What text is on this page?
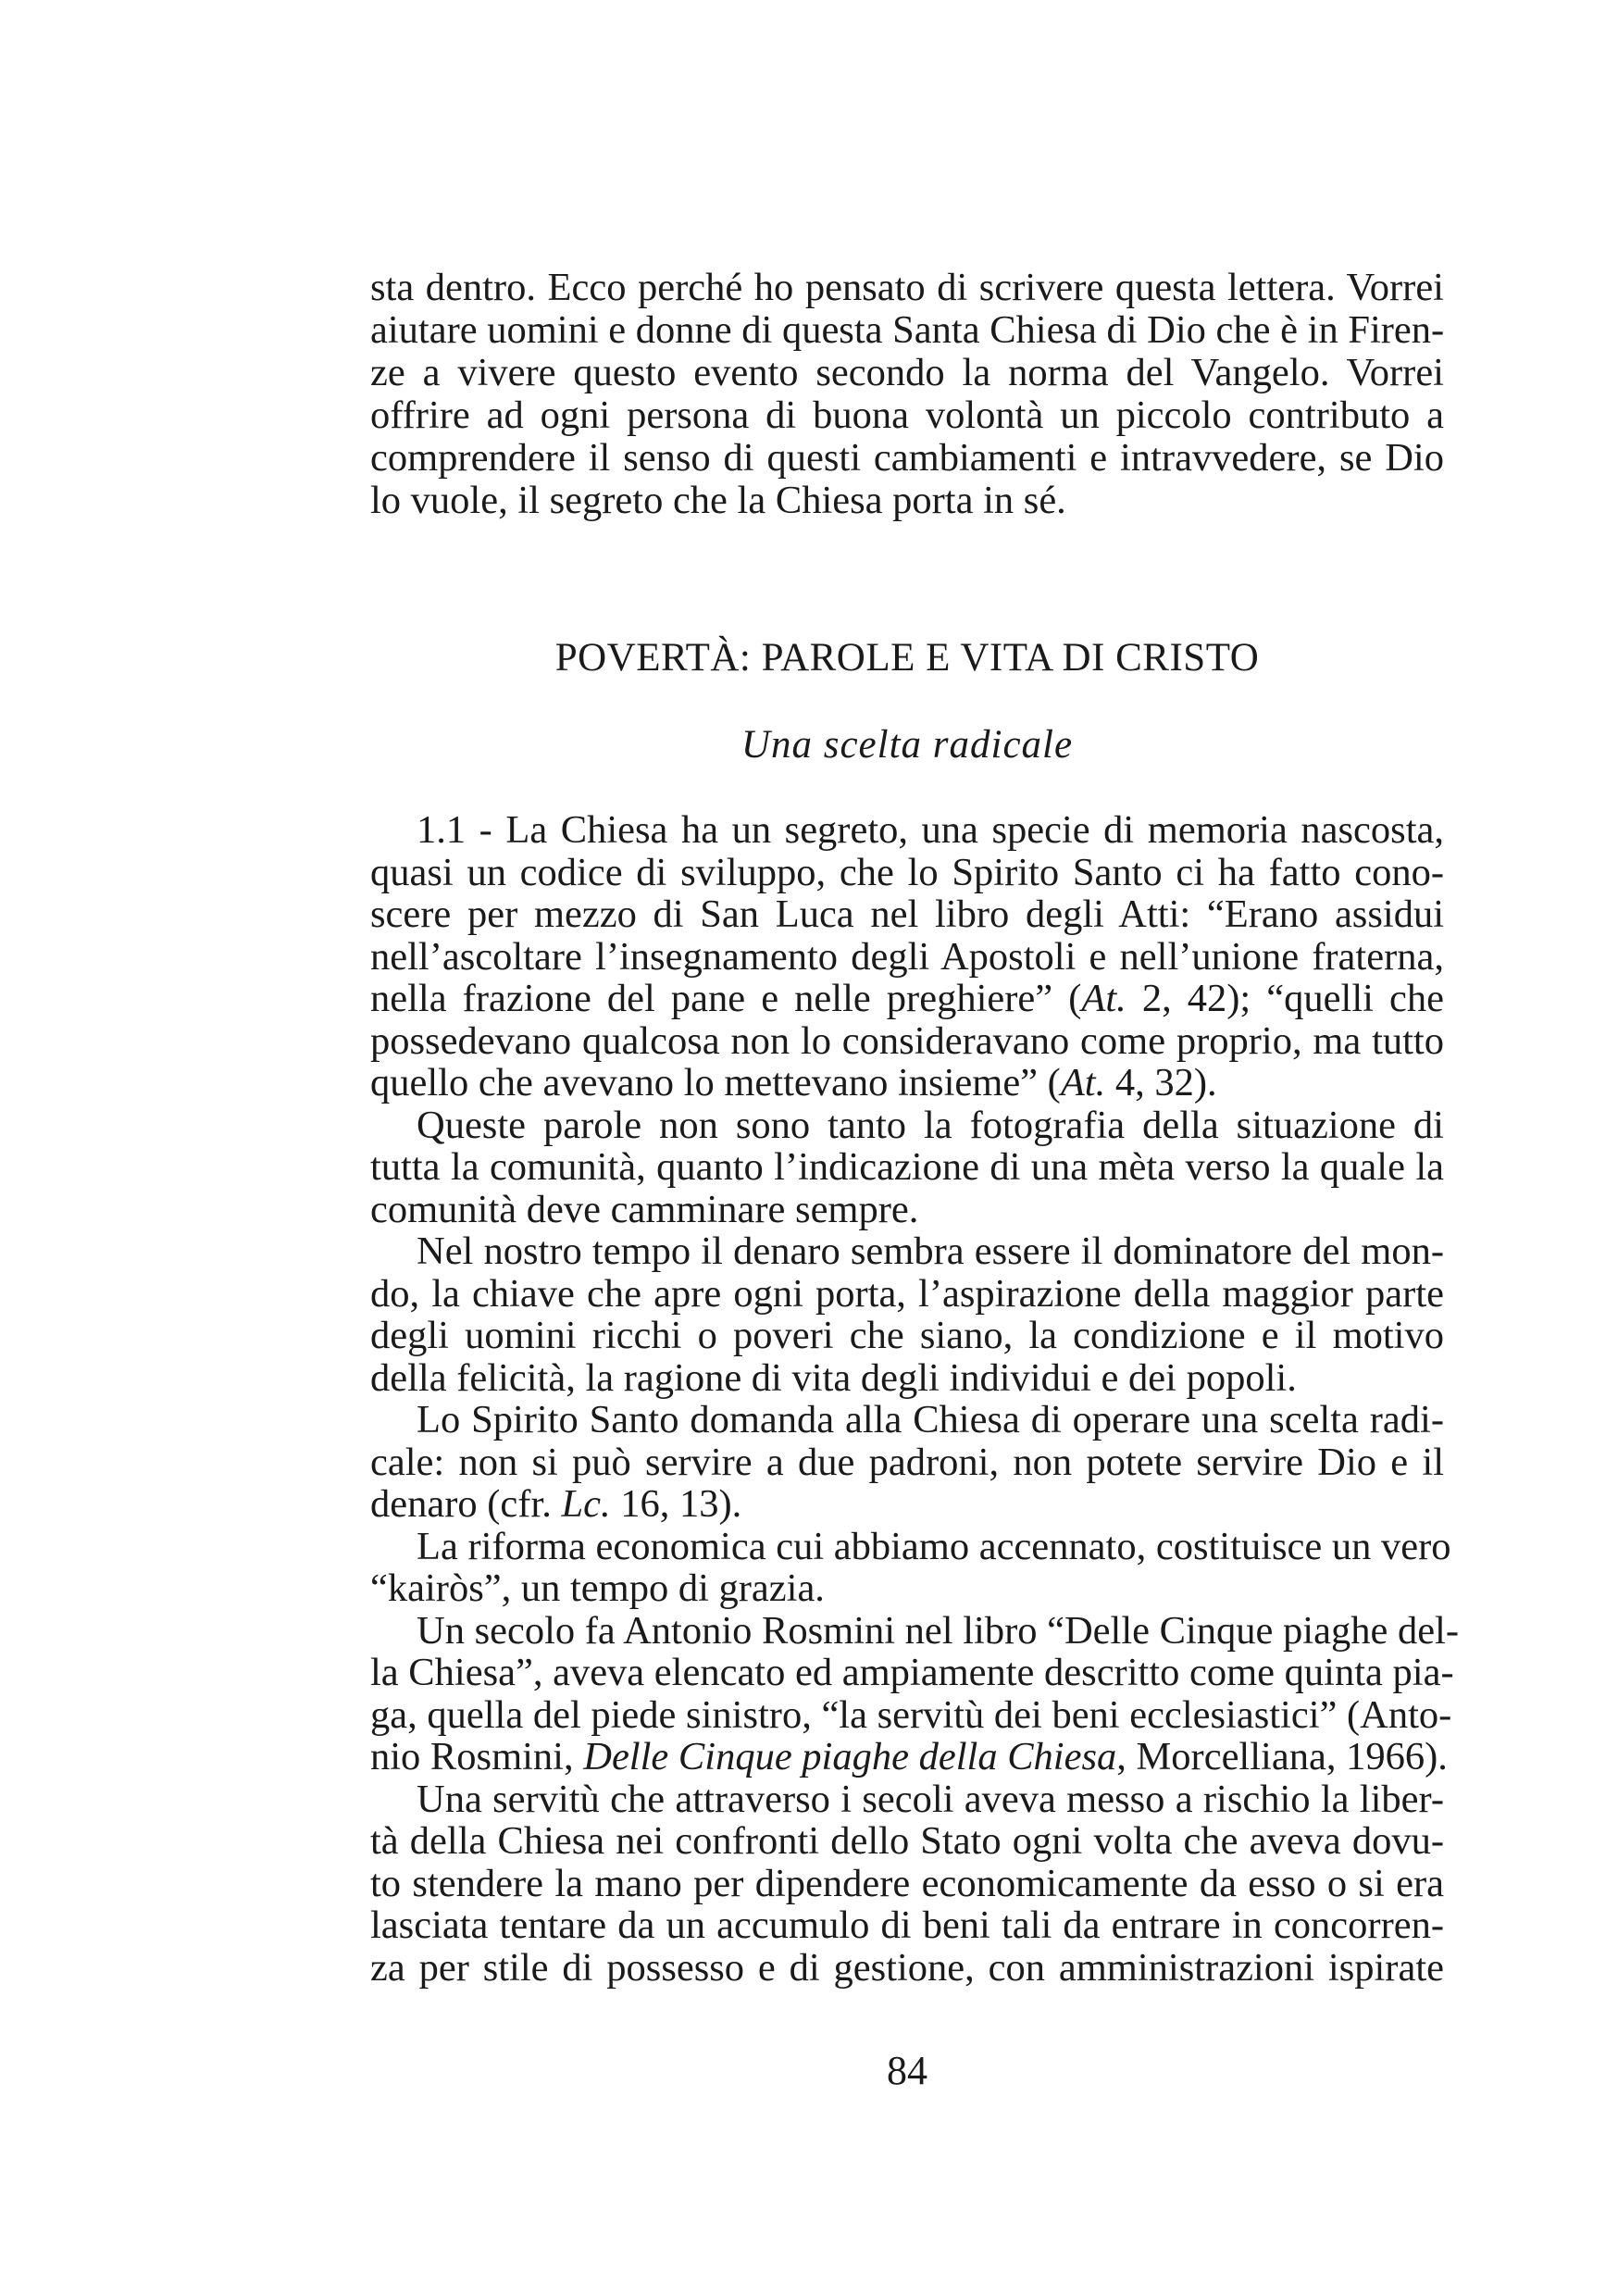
sta dentro. Ecco perché ho pensato di scrivere questa lettera. Vorrei
aiutare uomini e donne di questa Santa Chiesa di Dio che è in Firen-
ze a vivere questo evento secondo la norma del Vangelo. Vorrei
offrire ad ogni persona di buona volontà un piccolo contributo a
comprendere il senso di questi cambiamenti e intravvedere, se Dio
lo vuole, il segreto che la Chiesa porta in sé.
POVERTÀ: PAROLE E VITA DI CRISTO
Una scelta radicale
1.1 - La Chiesa ha un segreto, una specie di memoria nascosta,
quasi un codice di sviluppo, che lo Spirito Santo ci ha fatto cono-
scere per mezzo di San Luca nel libro degli Atti: “Erano assidui
nell’ascoltare l’insegnamento degli Apostoli e nell’unione fraterna,
nella frazione del pane e nelle preghiere” (At. 2, 42); “quelli che
possedevano qualcosa non lo consideravano come proprio, ma tutto
quello che avevano lo mettevano insieme” (At. 4, 32).
Queste parole non sono tanto la fotografia della situazione di
tutta la comunità, quanto l’indicazione di una mèta verso la quale la
comunità deve camminare sempre.
Nel nostro tempo il denaro sembra essere il dominatore del mon-
do, la chiave che apre ogni porta, l’aspirazione della maggior parte
degli uomini ricchi o poveri che siano, la condizione e il motivo
della felicità, la ragione di vita degli individui e dei popoli.
Lo Spirito Santo domanda alla Chiesa di operare una scelta radi-
cale: non si può servire a due padroni, non potete servire Dio e il
denaro (cfr. Lc. 16, 13).
La riforma economica cui abbiamo accennato, costituisce un vero
“kairòs”, un tempo di grazia.
Un secolo fa Antonio Rosmini nel libro “Delle Cinque piaghe del-
la Chiesa”, aveva elencato ed ampiamente descritto come quinta pia-
ga, quella del piede sinistro, “la servitù dei beni ecclesiastici” (Anto-
nio Rosmini, Delle Cinque piaghe della Chiesa, Morcelliana, 1966).
Una servitù che attraverso i secoli aveva messo a rischio la liber-
tà della Chiesa nei confronti dello Stato ogni volta che aveva dovu-
to stendere la mano per dipendere economicamente da esso o si era
lasciata tentare da un accumulo di beni tali da entrare in concorren-
za per stile di possesso e di gestione, con amministrazioni ispirate
84
